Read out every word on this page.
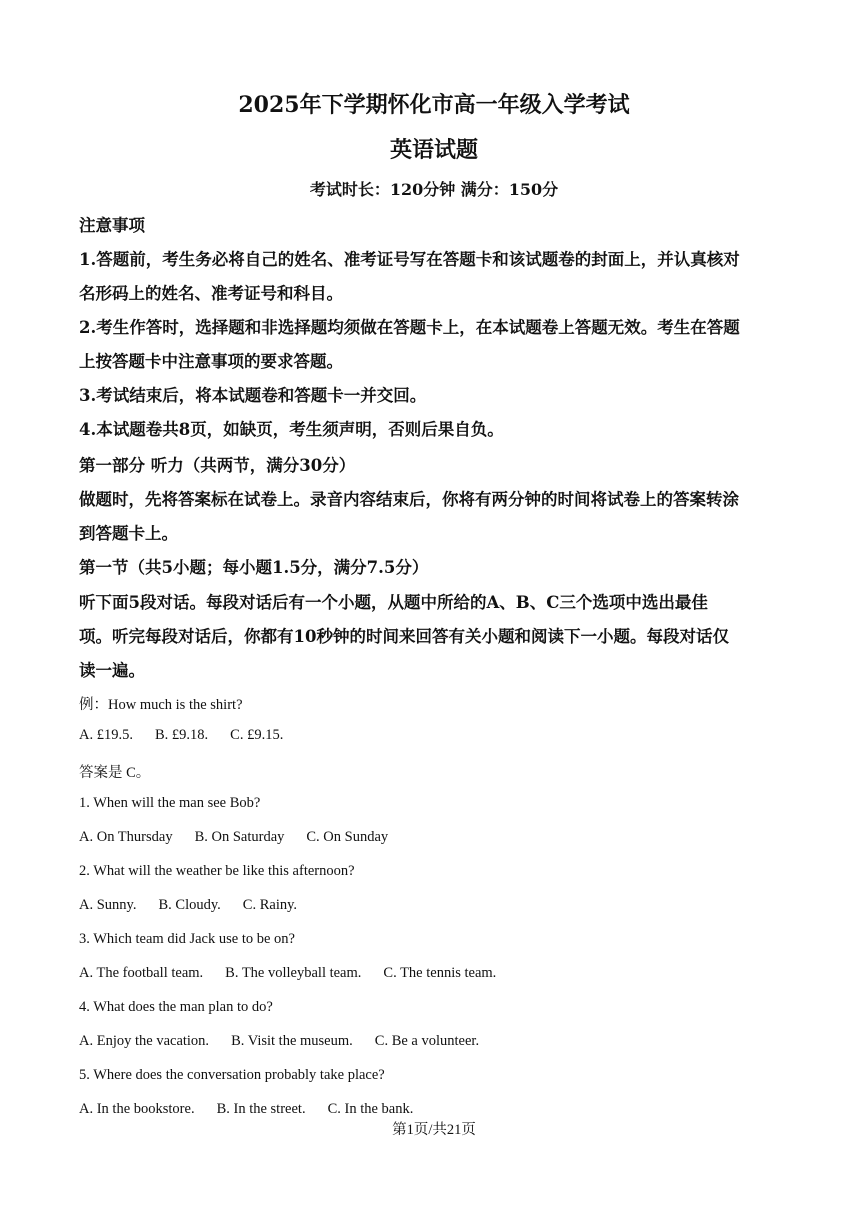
2025年下学期怀化市高一年级入学考试
英语试题
考试时长：120分钟 满分：150分
注意事项
1.答题前，考生务必将自己的姓名、准考证号写在答题卡和该试题卷的封面上，并认真核对
名形码上的姓名、准考证号和科目。
2.考生作答时，选择题和非选择题均须做在答题卡上，在本试题卷上答题无效。考生在答题
上按答题卡中注意事项的要求答题。
3.考试结束后，将本试题卷和答题卡一并交回。
4.本试题卷共8页，如缺页，考生须声明，否则后果自负。
第一部分 听力（共两节，满分30分）
做题时，先将答案标在试卷上。录音内容结束后，你将有两分钟的时间将试卷上的答案转涂
到答题卡上。
第一节（共5小题；每小题1.5分，满分7.5分）
听下面5段对话。每段对话后有一个小题，从题中所给的A、B、C三个选项中选出最佳
项。听完每段对话后，你都有10秒钟的时间来回答有关小题和阅读下一小题。每段对话仅
读一遍。
例：How much is the shirt?
A. £19.5. B. £9.18. C. £9.15.
答案是 C。
1. When will the man see Bob?
A. On Thursday B. On Saturday C. On Sunday
2. What will the weather be like this afternoon?
A. Sunny. B. Cloudy. C. Rainy.
3. Which team did Jack use to be on?
A. The football team. B. The volleyball team. C. The tennis team.
4. What does the man plan to do?
A. Enjoy the vacation. B. Visit the museum. C. Be a volunteer.
5. Where does the conversation probably take place?
A. In the bookstore. B. In the street. C. In the bank.
第1页/共21页
